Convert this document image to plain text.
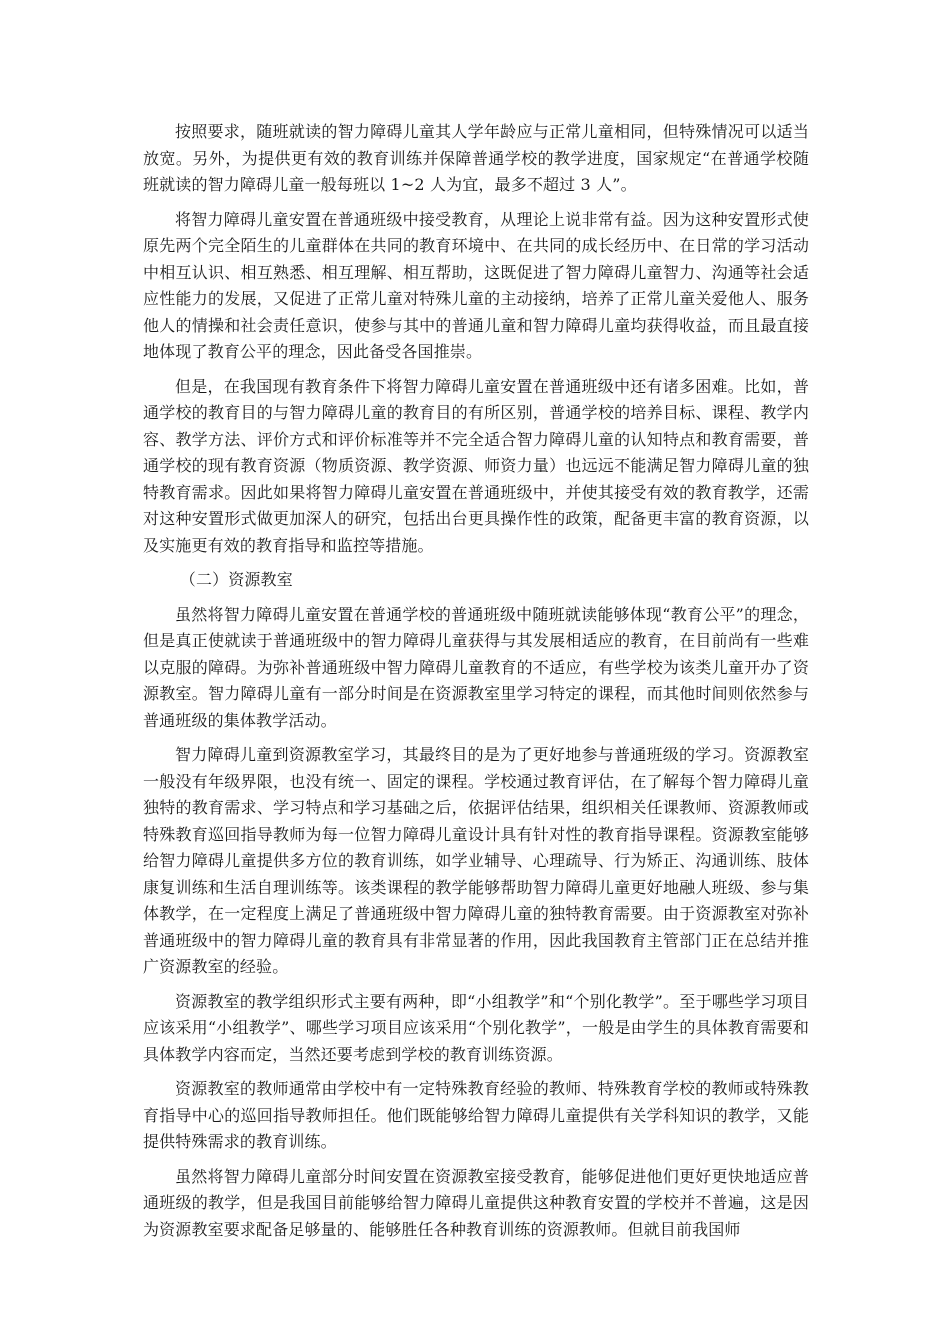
按照要求，随班就读的智力障碍儿童其人学年龄应与正常儿童相同，但特殊情况可以适当放宽。另外，为提供更有效的教育训练并保障普通学校的教学进度，国家规定“在普通学校随班就读的智力障碍儿童一般每班以 1~2 人为宜，最多不超过 3 人”。

将智力障碍儿童安置在普通班级中接受教育，从理论上说非常有益。因为这种安置形式使原先两个完全陌生的儿童群体在共同的教育环境中、在共同的成长经历中、在日常的学习活动中相互认识、相互熟悉、相互理解、相互帮助，这既促进了智力障碍儿童智力、沟通等社会适应性能力的发展，又促进了正常儿童对特殊儿童的主动接纳，培养了正常儿童关爱他人、服务他人的情操和社会责任意识，使参与其中的普通儿童和智力障碍儿童均获得收益，而且最直接地体现了教育公平的理念，因此备受各国推崇。

但是，在我国现有教育条件下将智力障碍儿童安置在普通班级中还有诸多困难。比如，普通学校的教育目的与智力障碍儿童的教育目的有所区别，普通学校的培养目标、课程、教学内容、教学方法、评价方式和评价标准等并不完全适合智力障碍儿童的认知特点和教育需要，普通学校的现有教育资源（物质资源、教学资源、师资力量）也远远不能满足智力障碍儿童的独特教育需求。因此如果将智力障碍儿童安置在普通班级中，并使其接受有效的教育教学，还需对这种安置形式做更加深人的研究，包括出台更具操作性的政策，配备更丰富的教育资源，以及实施更有效的教育指导和监控等措施。

（二）资源教室

虽然将智力障碍儿童安置在普通学校的普通班级中随班就读能够体现“教育公平”的理念，但是真正使就读于普通班级中的智力障碍儿童获得与其发展相适应的教育，在目前尚有一些难以克服的障碍。为弥补普通班级中智力障碍儿童教育的不适应，有些学校为该类儿童开办了资源教室。智力障碍儿童有一部分时间是在资源教室里学习特定的课程，而其他时间则依然参与普通班级的集体教学活动。

智力障碍儿童到资源教室学习，其最终目的是为了更好地参与普通班级的学习。资源教室一般没有年级界限，也没有统一、固定的课程。学校通过教育评估，在了解每个智力障碍儿童独特的教育需求、学习特点和学习基础之后，依据评估结果，组织相关任课教师、资源教师或特殊教育巡回指导教师为每一位智力障碍儿童设计具有针对性的教育指导课程。资源教室能够给智力障碍儿童提供多方位的教育训练，如学业辅导、心理疏导、行为矫正、沟通训练、肢体康复训练和生活自理训练等。该类课程的教学能够帮助智力障碍儿童更好地融人班级、参与集体教学，在一定程度上满足了普通班级中智力障碍儿童的独特教育需要。由于资源教室对弥补普通班级中的智力障碍儿童的教育具有非常显著的作用，因此我国教育主管部门正在总结并推广资源教室的经验。

资源教室的教学组织形式主要有两种，即“小组教学”和“个别化教学”。至于哪些学习项目应该采用“小组教学”、哪些学习项目应该采用“个别化教学”，一般是由学生的具体教育需要和具体教学内容而定，当然还要考虑到学校的教育训练资源。

资源教室的教师通常由学校中有一定特殊教育经验的教师、特殊教育学校的教师或特殊教育指导中心的巡回指导教师担任。他们既能够给智力障碍儿童提供有关学科知识的教学，又能提供特殊需求的教育训练。

虽然将智力障碍儿童部分时间安置在资源教室接受教育，能够促进他们更好更快地适应普通班级的教学，但是我国目前能够给智力障碍儿童提供这种教育安置的学校并不普遍，这是因为资源教室要求配备足够量的、能够胜任各种教育训练的资源教师。但就目前我国师
